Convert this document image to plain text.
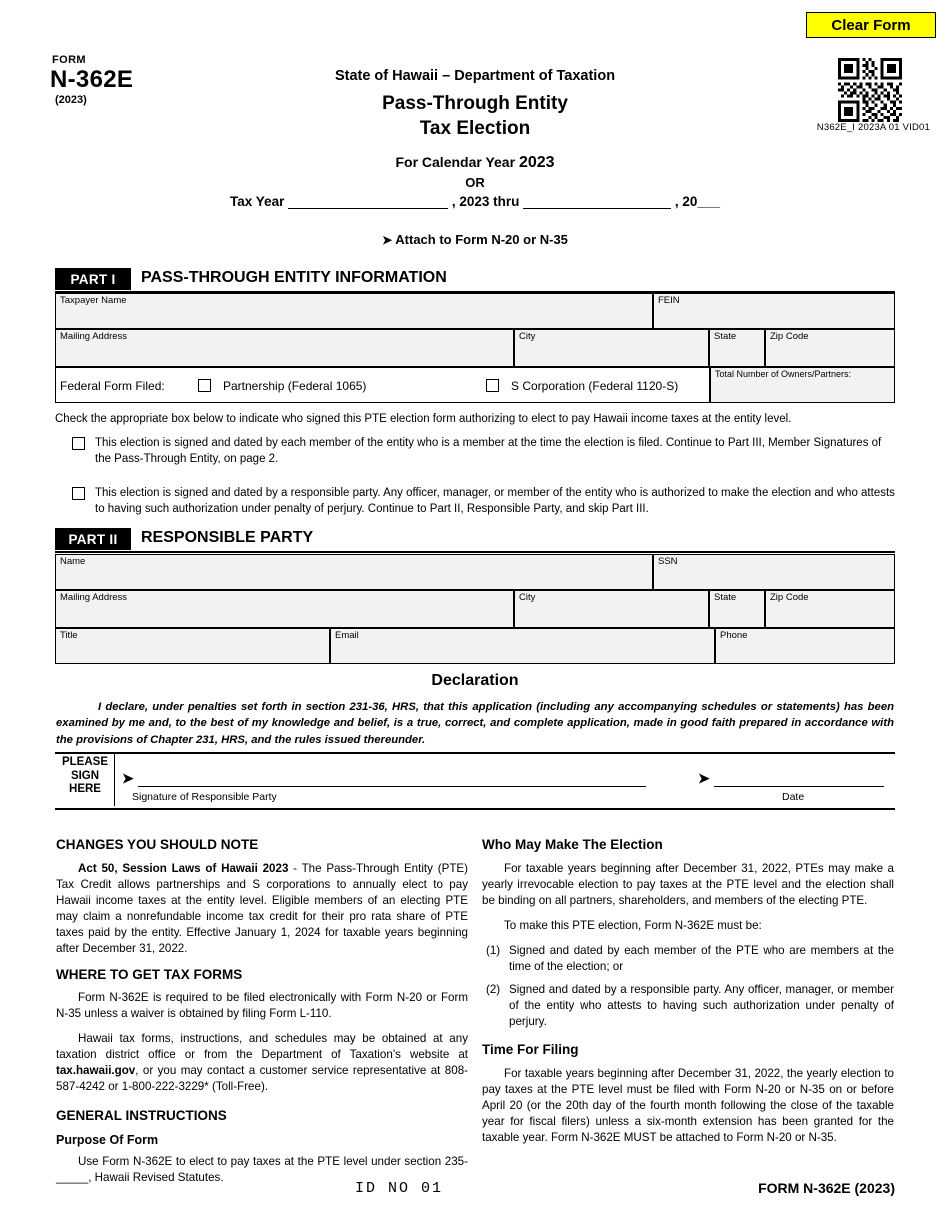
Clear Form
FORM
N-362E
(2023)
State of Hawaii – Department of Taxation
Pass-Through Entity
Tax Election	N362E_I 2023A 01 VID01
For Calendar Year 2023
OR
Tax Year	, 2023 thru	, 20___
➤ Attach to Form N-20 or N-35
PART I	PASS-THROUGH ENTITY INFORMATION
Taxpayer Name	FEIN
Mailing Address	City	State	Zip Code
Federal Form Filed:	Partnership (Federal 1065)	S Corporation (Federal 1120-S)
Total Number of Owners/Partners:
Check the appropriate box below to indicate who signed this PTE election form authorizing to elect to pay Hawaii income taxes at the entity level.
This election is signed and dated by each member of the entity who is a member at the time the election is filed. Continue to Part III, Member Signatures of the Pass-Through Entity, on page 2.
This election is signed and dated by a responsible party. Any officer, manager, or member of the entity who is authorized to make the election and who attests to having such authorization under penalty of perjury. Continue to Part II, Responsible Party, and skip Part III.
PART II	RESPONSIBLE PARTY
Name	SSN
Mailing Address	City	State	Zip Code
Title	Email	Phone
Declaration
I declare, under penalties set forth in section 231-36, HRS, that this application (including any accompanying schedules or statements) has been examined by me and, to the best of my knowledge and belief, is a true, correct, and complete application, made in good faith prepared in accordance with the provisions of Chapter 231, HRS, and the rules issued thereunder.
PLEASE
SIGN
HERE
➤
Signature of Responsible Party
➤
Date
CHANGES YOU SHOULD NOTE

Act 50, Session Laws of Hawaii 2023 - The Pass-Through Entity (PTE) Tax Credit allows partnerships and S corporations to annually elect to pay Hawaii income taxes at the entity level. Eligible members of an electing PTE may claim a nonrefundable income tax credit for their pro rata share of PTE taxes paid by the entity. Effective January 1, 2024 for taxable years beginning after December 31, 2022.

WHERE TO GET TAX FORMS

Form N-362E is required to be filed electronically with Form N-20 or Form N-35 unless a waiver is obtained by filing Form L-110.

Hawaii tax forms, instructions, and schedules may be obtained at any taxation district office or from the Department of Taxation’s website at tax.hawaii.gov, or you may contact a customer service representative at 808-587-4242 or 1-800-222-3229* (Toll-Free).

GENERAL INSTRUCTIONS
Purpose Of Form

Use Form N-362E to elect to pay taxes at the PTE level under section 235-_____, Hawaii Revised Statutes.

Who May Make The Election

For taxable years beginning after December 31, 2022, PTEs may make a yearly irrevocable election to pay taxes at the PTE level and the election shall be binding on all partners, shareholders, and members of the electing PTE.

To make this PTE election, Form N-362E must be:

(1) Signed and dated by each member of the PTE who are members at the time of the election; or
(2) Signed and dated by a responsible party. Any officer, manager, or member of the entity who attests to having such authorization under penalty of perjury.
Time For Filing

For taxable years beginning after December 31, 2022, the yearly election to pay taxes at the PTE level must be filed with Form N-20 or N-35 on or before April 20 (or the 20th day of the fourth month following the close of the taxable year for fiscal filers) unless a six-month extension has been granted for the taxable year. Form N-362E MUST be attached to Form N-20 or N-35.

ID NO 01	FORM N-362E (2023)
